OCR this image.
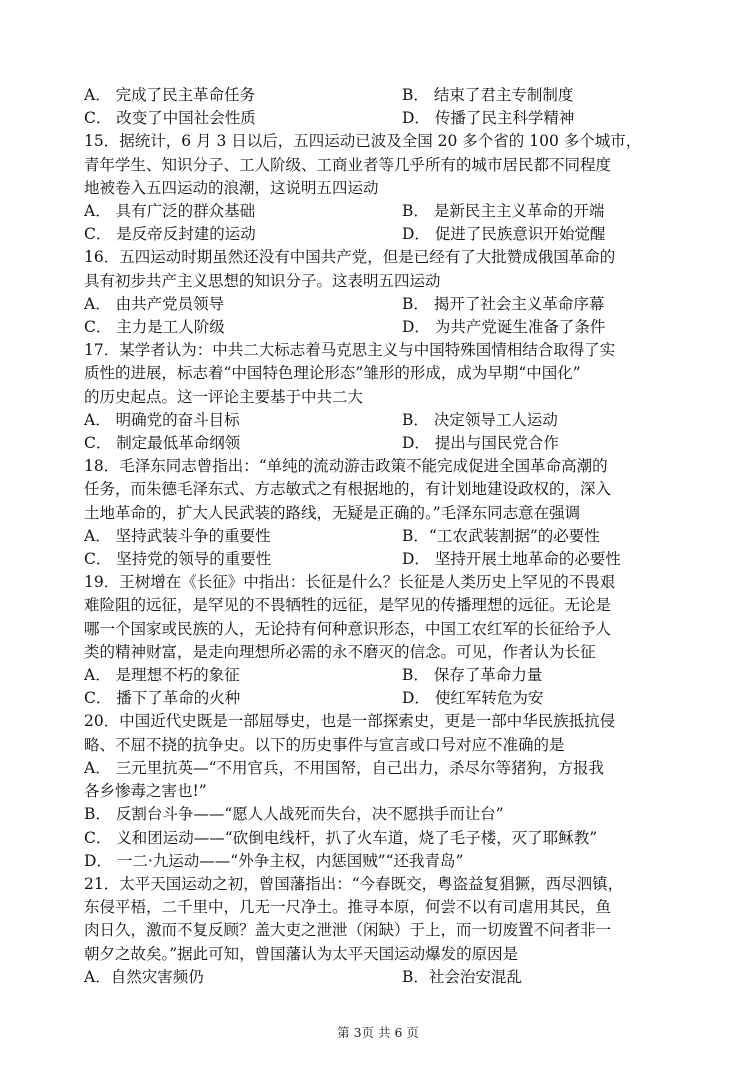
A． 完成了民主革命任务	B． 结束了君主专制制度
C． 改变了中国社会性质	D． 传播了民主科学精神
15．据统计，6 月 3 日以后，五四运动已波及全国 20 多个省的 100 多个城市，
青年学生、知识分子、工人阶级、工商业者等几乎所有的城市居民都不同程度
地被卷入五四运动的浪潮，这说明五四运动
A． 具有广泛的群众基础	B． 是新民主主义革命的开端
C． 是反帝反封建的运动	D． 促进了民族意识开始觉醒
16．五四运动时期虽然还没有中国共产党，但是已经有了大批赞成俄国革命的
具有初步共产主义思想的知识分子。这表明五四运动
A． 由共产党员领导	B． 揭开了社会主义革命序幕
C． 主力是工人阶级	D． 为共产党诞生准备了条件
17．某学者认为：中共二大标志着马克思主义与中国特殊国情相结合取得了实
质性的进展，标志着“中国特色理论形态”雏形的形成，成为早期“中国化”
的历史起点。这一评论主要基于中共二大
A． 明确党的奋斗目标	B． 决定领导工人运动
C． 制定最低革命纲领	D． 提出与国民党合作
18．毛泽东同志曾指出：“单纯的流动游击政策不能完成促进全国革命高潮的
任务，而朱德毛泽东式、方志敏式之有根据地的，有计划地建设政权的，深入
土地革命的，扩大人民武装的路线，无疑是正确的。”毛泽东同志意在强调
A． 坚持武装斗争的重要性	B．“工农武装割据”的必要性
C． 坚持党的领导的重要性	D． 坚持开展土地革命的必要性
19．王树增在《长征》中指出：长征是什么？长征是人类历史上罕见的不畏艰
难险阻的远征，是罕见的不畏牺牲的远征，是罕见的传播理想的远征。无论是
哪一个国家或民族的人，无论持有何种意识形态，中国工农红军的长征给予人
类的精神财富，是走向理想所必需的永不磨灭的信念。可见，作者认为长征
A． 是理想不朽的象征	B． 保存了革命力量
C． 播下了革命的火种	D． 使红军转危为安
20．中国近代史既是一部屈辱史，也是一部探索史，更是一部中华民族抵抗侵
略、不屈不挠的抗争史。以下的历史事件与宣言或口号对应不准确的是
A． 三元里抗英—“不用官兵，不用国帑，自己出力，杀尽尔等猪狗，方报我
各乡惨毒之害也!”
B． 反割台斗争——“愿人人战死而失台，决不愿拱手而让台”
C． 义和团运动——“砍倒电线杆，扒了火车道，烧了毛子楼，灭了耶稣教”
D． 一二·九运动——“外争主权，内惩国贼”“还我青岛”
21．太平天国运动之初，曾国藩指出：“今春既交，粤盗益复猖獗，西尽泗镇，
东侵平梧，二千里中，几无一尺净土。推寻本原，何尝不以有司虐用其民，鱼
肉日久，激而不复反顾？盖大吏之泄泄（闲缺）于上，而一切废置不问者非一
朝夕之故矣。”据此可知，曾国藩认为太平天国运动爆发的原因是
A．自然灾害频仍	B．社会治安混乱
第 3页 共 6 页
